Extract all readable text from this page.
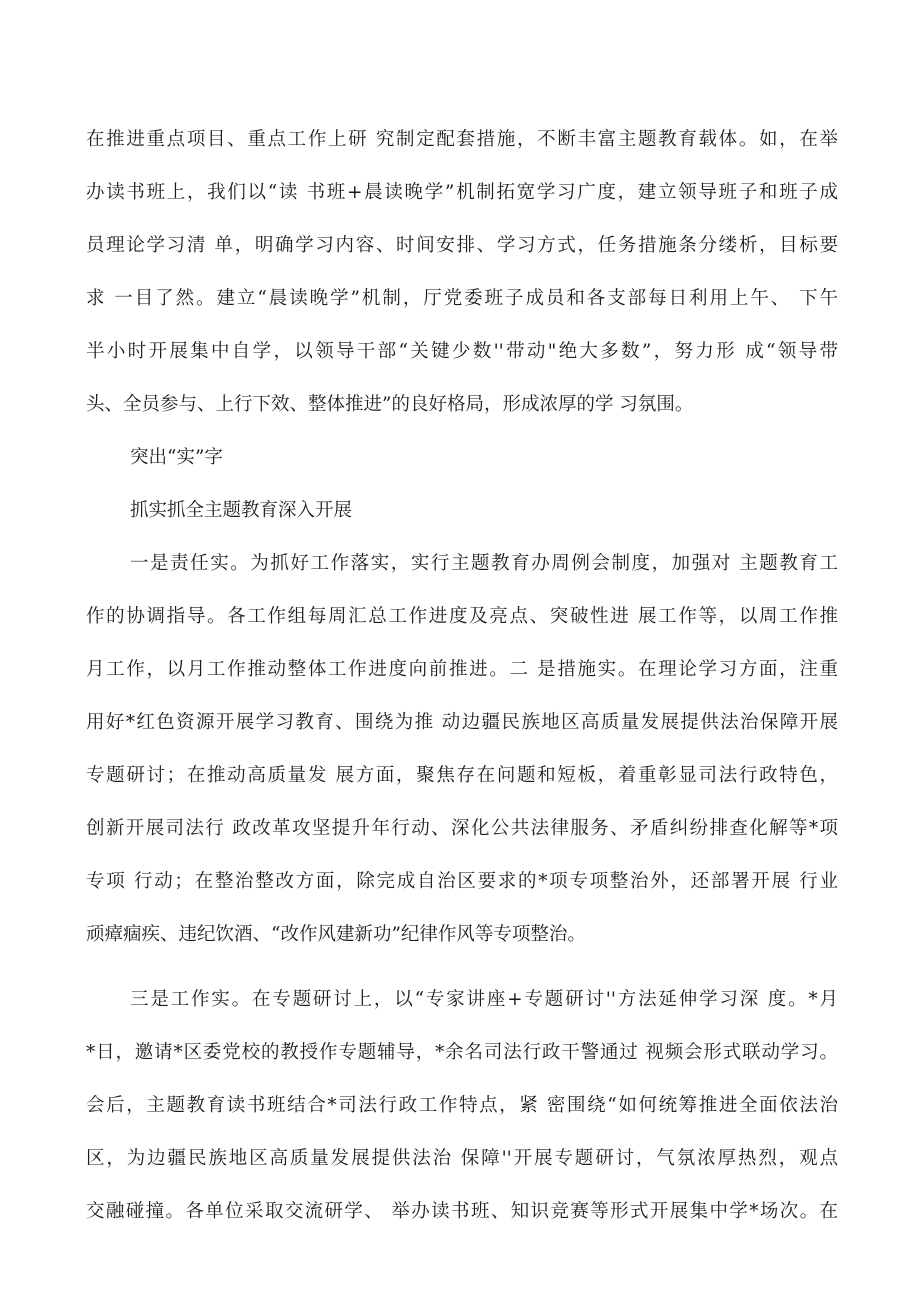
在推进重点项目、重点工作上研 究制定配套措施，不断丰富主题教育载体。如，在举
办读书班上，我们以“读 书班+晨读晚学”机制拓宽学习广度，建立领导班子和班子成
员理论学习清 单，明确学习内容、时间安排、学习方式，任务措施条分缕析，目标要
求 一目了然。建立“晨读晚学”机制，厅党委班子成员和各支部每日利用上午、 下午
半小时开展集中自学，以领导干部“关键少数''带动"绝大多数”，努力形 成“领导带
头、全员参与、上行下效、整体推进”的良好格局，形成浓厚的学 习氛围。
突出“实”字
抓实抓全主题教育深入开展
一是责任实。为抓好工作落实，实行主题教育办周例会制度，加强对 主题教育工
作的协调指导。各工作组每周汇总工作进度及亮点、突破性进 展工作等，以周工作推
月工作，以月工作推动整体工作进度向前推进。二 是措施实。在理论学习方面，注重
用好*红色资源开展学习教育、围绕为推 动边疆民族地区高质量发展提供法治保障开展
专题研讨；在推动高质量发 展方面，聚焦存在问题和短板，着重彰显司法行政特色，
创新开展司法行 政改革攻坚提升年行动、深化公共法律服务、矛盾纠纷排查化解等*项
专项 行动；在整治整改方面，除完成自治区要求的*项专项整治外，还部署开展 行业
顽瘴痼疾、违纪饮酒、“改作风建新功”纪律作风等专项整治。
三是工作实。在专题研讨上，以“专家讲座+专题研讨''方法延伸学习深 度。*月
*日，邀请*区委党校的教授作专题辅导，*余名司法行政干警通过 视频会形式联动学习。
会后，主题教育读书班结合*司法行政工作特点，紧 密围绕“如何统筹推进全面依法治
区，为边疆民族地区高质量发展提供法治 保障''开展专题研讨，气氛浓厚热烈，观点
交融碰撞。各单位采取交流研学、 举办读书班、知识竞赛等形式开展集中学*场次。在
